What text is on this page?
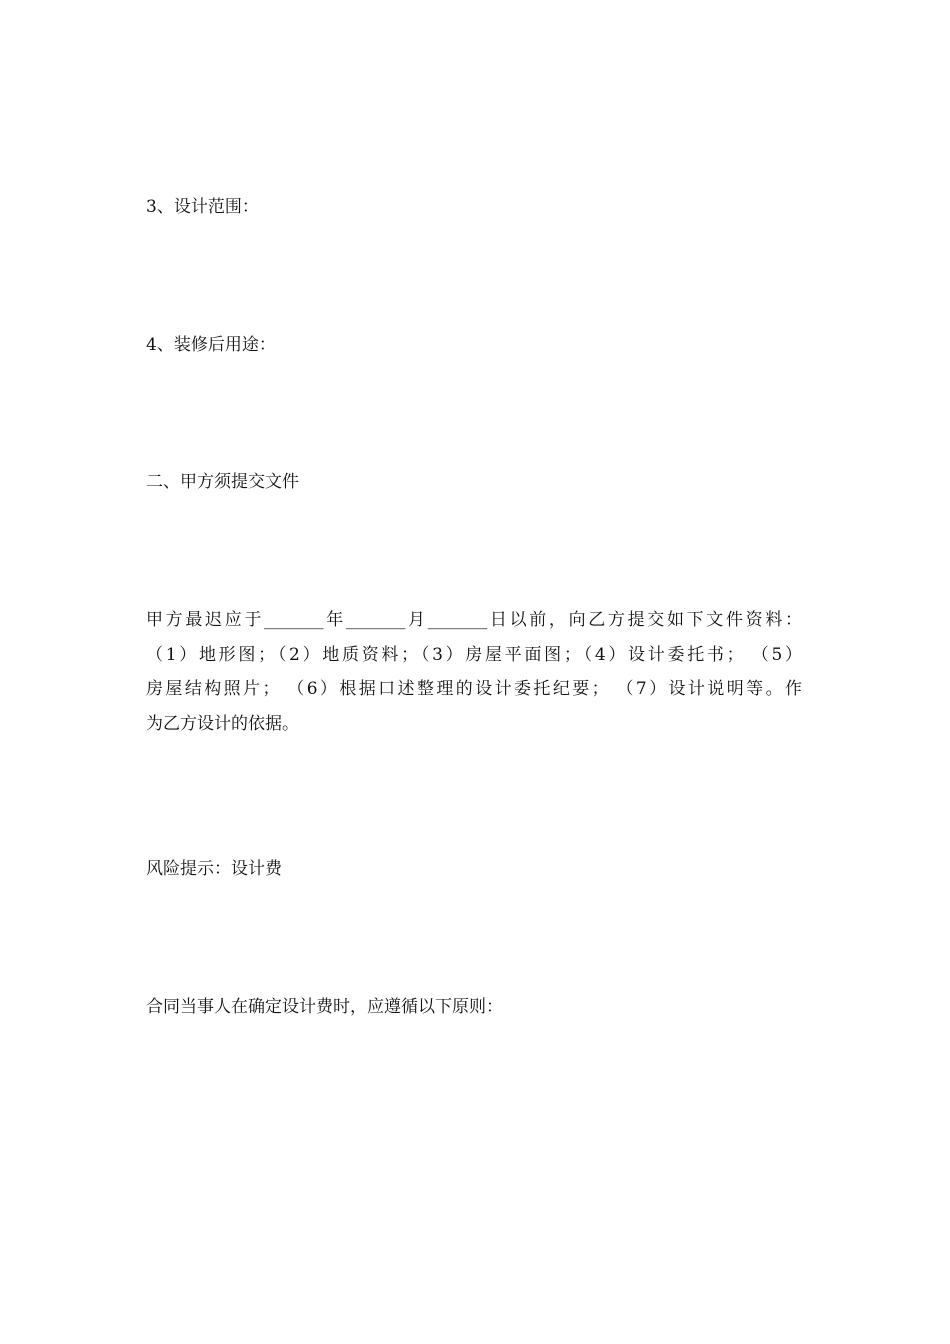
3、设计范围：
4、装修后用途：
二、甲方须提交文件
甲方最迟应于_______年_______月_______日以前，向乙方提交如下文件资料：
（1）地形图；（2）地质资料；（3）房屋平面图；（4）设计委托书； （5）
房屋结构照片； （6）根据口述整理的设计委托纪要； （7）设计说明等。作
为乙方设计的依据。
风险提示：设计费
合同当事人在确定设计费时，应遵循以下原则：
